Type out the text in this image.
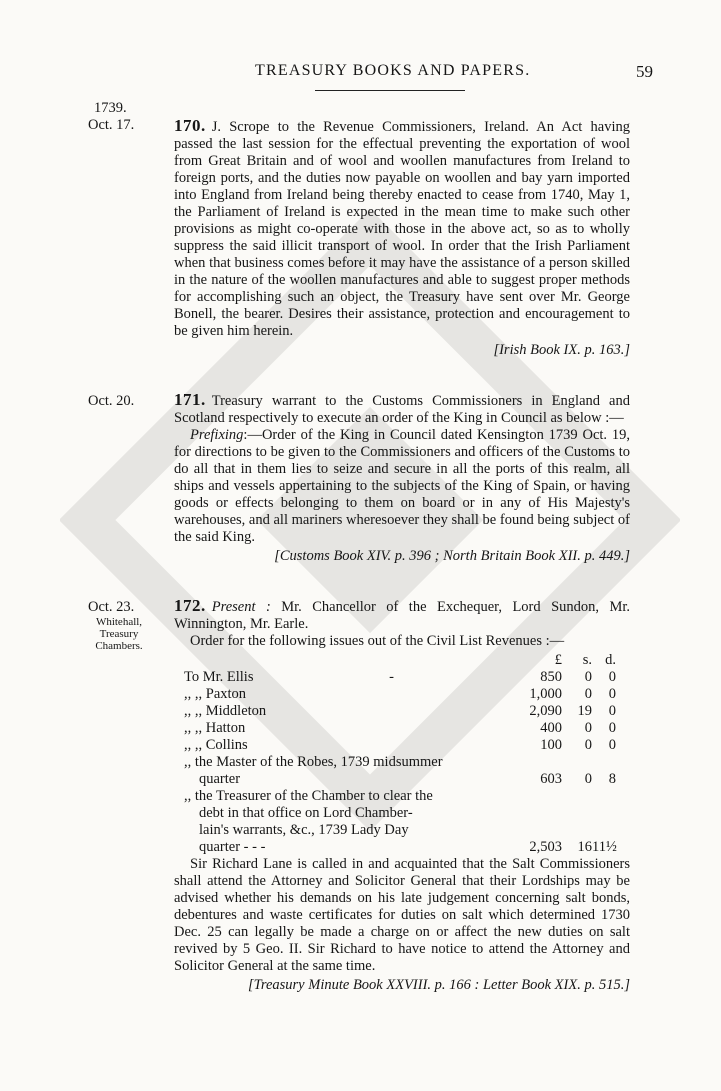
TREASURY BOOKS AND PAPERS.	59
1739.
Oct. 17.	170. J. Scrope to the Revenue Commissioners, Ireland. An Act having passed the last session for the effectual preventing the exportation of wool from Great Britain and of wool and woollen manufactures from Ireland to foreign ports, and the duties now payable on woollen and bay yarn imported into England from Ireland being thereby enacted to cease from 1740, May 1, the Parliament of Ireland is expected in the mean time to make such other provisions as might co-operate with those in the above act, so as to wholly suppress the said illicit transport of wool. In order that the Irish Parliament when that business comes before it may have the assistance of a person skilled in the nature of the woollen manufactures and able to suggest proper methods for accomplishing such an object, the Treasury have sent over Mr. George Bonell, the bearer. Desires their assistance, protection and encouragement to be given him herein.
[Irish Book IX. p. 163.]
Oct. 20.	171. Treasury warrant to the Customs Commissioners in England and Scotland respectively to execute an order of the King in Council as below :—
Prefixing:—Order of the King in Council dated Kensington 1739 Oct. 19, for directions to be given to the Commissioners and officers of the Customs to do all that in them lies to seize and secure in all the ports of this realm, all ships and vessels appertaining to the subjects of the King of Spain, or having goods or effects belonging to them on board or in any of His Majesty's warehouses, and all mariners wheresoever they shall be found being subject of the said King.
[Customs Book XIV. p. 396 ; North Britain Book XII. p. 449.]
Oct. 23.
Whitehall, Treasury Chambers.
172. Present : Mr. Chancellor of the Exchequer, Lord Sundon, Mr. Winnington, Mr. Earle.
Order for the following issues out of the Civil List Revenues :—
£	s. d.
To Mr. Ellis	-	850	0	0
,, ,, Paxton	1,000	0	0
,, ,, Middleton	2,090	19	0
,, ,, Hatton	400	0	0
,, ,, Collins	100	0	0
,, the Master of the Robes, 1739 midsummer
quarter	603	0	8
,, the Treasurer of the Chamber to clear the
debt in that office on Lord Chamber-
lain's warrants, &c., 1739 Lady Day
quarter - - -	2,503	16 11½
Sir Richard Lane is called in and acquainted that the Salt Commissioners shall attend the Attorney and Solicitor General that their Lordships may be advised whether his demands on his late judgement concerning salt bonds, debentures and waste certificates for duties on salt which determined 1730 Dec. 25 can legally be made a charge on or affect the new duties on salt revived by 5 Geo. II. Sir Richard to have notice to attend the Attorney and Solicitor General at the same time.
[Treasury Minute Book XXVIII. p. 166 : Letter Book XIX. p. 515.]
